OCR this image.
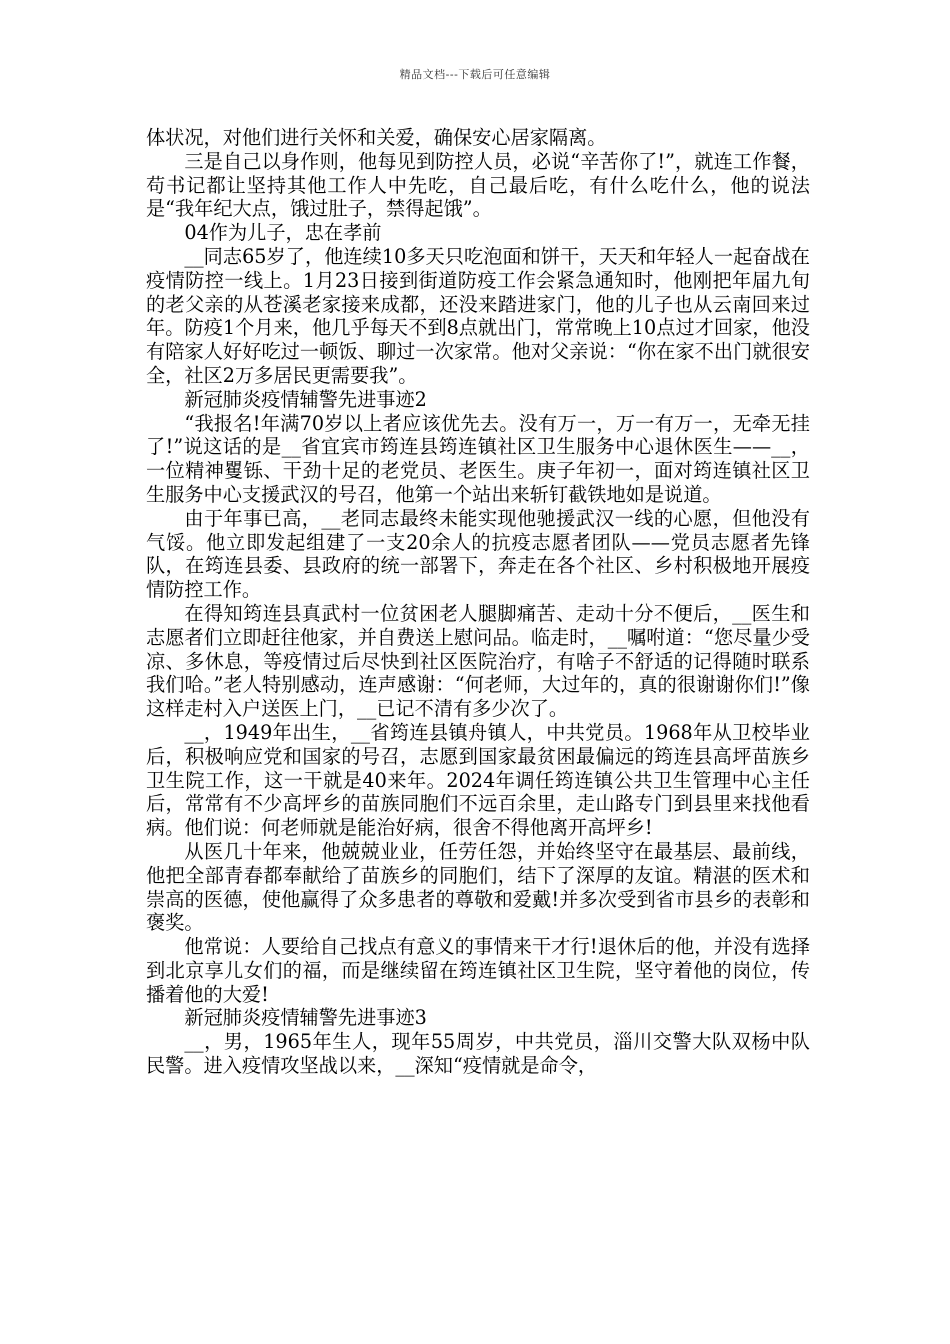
精品文档---下载后可任意编辑

体状况，对他们进行关怀和关爱，确保安心居家隔离。

三是自己以身作则，他每见到防控人员，必说“辛苦你了!”，就连工作餐，苟书记都让坚持其他工作人中先吃，自己最后吃，有什么吃什么，他的说法是“我年纪大点，饿过肚子，禁得起饿”。

04作为儿子，忠在孝前

__同志65岁了，他连续10多天只吃泡面和饼干，天天和年轻人一起奋战在疫情防控一线上。1月23日接到街道防疫工作会紧急通知时，他刚把年届九旬的老父亲的从苍溪老家接来成都，还没来踏进家门，他的儿子也从云南回来过年。防疫1个月来，他几乎每天不到8点就出门，常常晚上10点过才回家，他没有陪家人好好吃过一顿饭、聊过一次家常。他对父亲说：“你在家不出门就很安全，社区2万多居民更需要我”。

新冠肺炎疫情辅警先进事迹2

“我报名!年满70岁以上者应该优先去。没有万一，万一有万一，无牵无挂了!”说这话的是__省宜宾市筠连县筠连镇社区卫生服务中心退休医生——__，一位精神矍铄、干劲十足的老党员、老医生。庚子年初一，面对筠连镇社区卫生服务中心支援武汉的号召，他第一个站出来斩钉截铁地如是说道。

由于年事已高，__老同志最终未能实现他驰援武汉一线的心愿，但他没有气馁。他立即发起组建了一支20余人的抗疫志愿者团队——党员志愿者先锋队，在筠连县委、县政府的统一部署下，奔走在各个社区、乡村积极地开展疫情防控工作。

在得知筠连县真武村一位贫困老人腿脚痛苦、走动十分不便后，__医生和志愿者们立即赶往他家，并自费送上慰问品。临走时，__嘱咐道：“您尽量少受凉、多休息，等疫情过后尽快到社区医院治疗，有啥子不舒适的记得随时联系我们哈。”老人特别感动，连声感谢：“何老师，大过年的，真的很谢谢你们!”像这样走村入户送医上门，__已记不清有多少次了。

__，1949年出生，__省筠连县镇舟镇人，中共党员。1968年从卫校毕业后，积极响应党和国家的号召，志愿到国家最贫困最偏远的筠连县高坪苗族乡卫生院工作，这一干就是40来年。2024年调任筠连镇公共卫生管理中心主任后，常常有不少高坪乡的苗族同胞们不远百余里，走山路专门到县里来找他看病。他们说：何老师就是能治好病，很舍不得他离开高坪乡!

从医几十年来，他兢兢业业，任劳任怨，并始终坚守在最基层、最前线，他把全部青春都奉献给了苗族乡的同胞们，结下了深厚的友谊。精湛的医术和崇高的医德，使他赢得了众多患者的尊敬和爱戴!并多次受到省市县乡的表彰和褒奖。

他常说：人要给自己找点有意义的事情来干才行!退休后的他，并没有选择到北京享儿女们的福，而是继续留在筠连镇社区卫生院，坚守着他的岗位，传播着他的大爱!

新冠肺炎疫情辅警先进事迹3

__，男，1965年生人，现年55周岁，中共党员，淄川交警大队双杨中队民警。进入疫情攻坚战以来，__深知“疫情就是命令，
